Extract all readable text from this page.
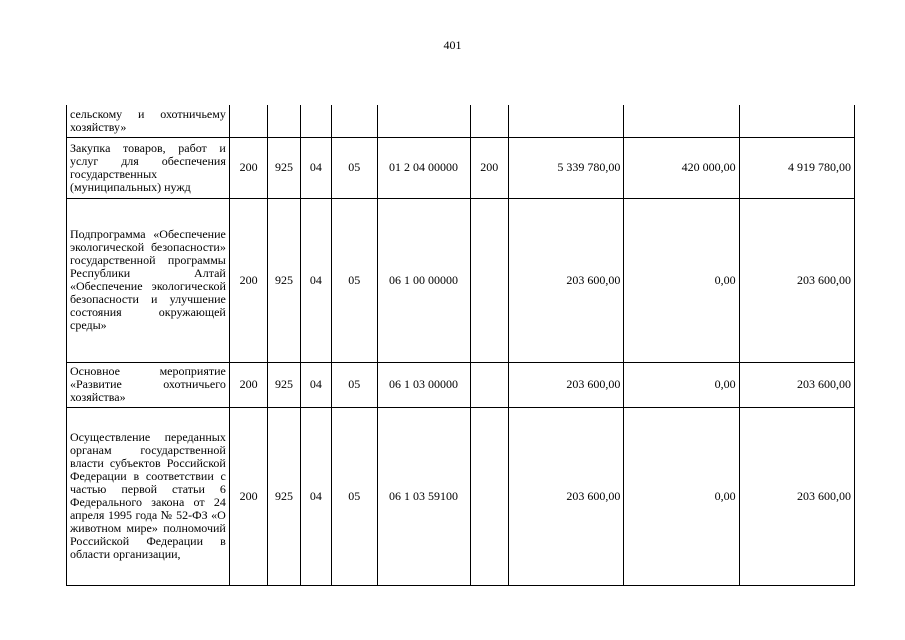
401
сельскому и охотничьему хозяйству»									
Закупка товаров, работ и услуг для обеспечения государственных (муниципальных) нужд	200	925	04	05	01 2 04 00000	200	5 339 780,00	420 000,00	4 919 780,00
Подпрограмма «Обеспечение экологической безопасности» государственной программы Республики Алтай «Обеспечение экологической безопасности и улучшение состояния окружающей среды»	200	925	04	05	06 1 00 00000		203 600,00	0,00	203 600,00
Основное мероприятие «Развитие охотничьего хозяйства»	200	925	04	05	06 1 03 00000		203 600,00	0,00	203 600,00
Осуществление переданных органам государственной власти субъектов Российской Федерации в соответствии с частью первой статьи 6 Федерального закона от 24 апреля 1995 года № 52-ФЗ «О животном мире» полномочий Российской Федерации в области организации,	200	925	04	05	06 1 03 59100		203 600,00	0,00	203 600,00
